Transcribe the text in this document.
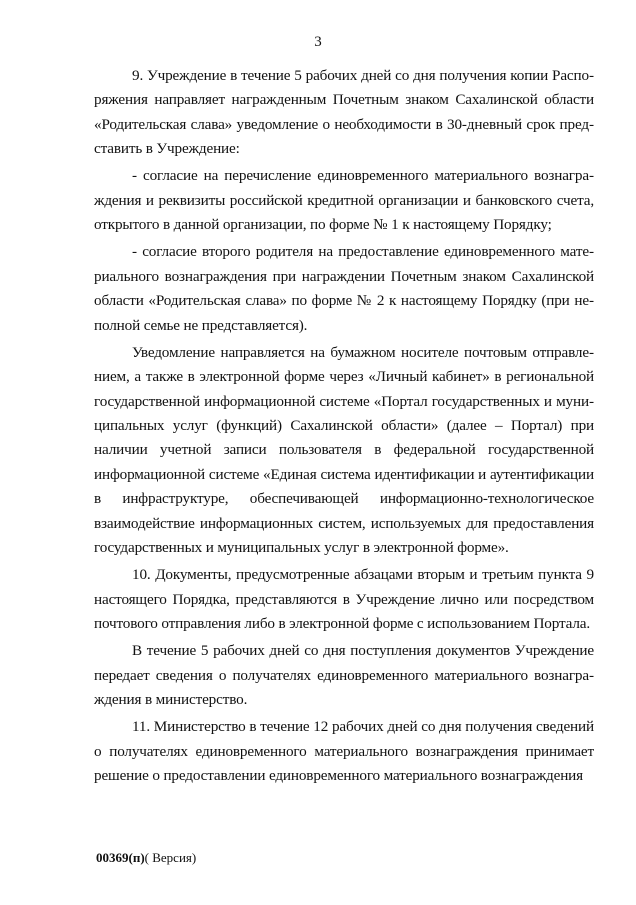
3

9. Учреждение в течение 5 рабочих дней со дня получения копии Распоряжения направляет награжденным Почетным знаком Сахалинской области «Родительская слава» уведомление о необходимости в 30-дневный срок представить в Учреждение:

- согласие на перечисление единовременного материального вознаграждения и реквизиты российской кредитной организации и банковского счета, открытого в данной организации, по форме № 1 к настоящему Порядку;

- согласие второго родителя на предоставление единовременного материального вознаграждения при награждении Почетным знаком Сахалинской области «Родительская слава» по форме № 2 к настоящему Порядку (при неполной семье не представляется).

Уведомление направляется на бумажном носителе почтовым отправлением, а также в электронной форме через «Личный кабинет» в региональной государственной информационной системе «Портал государственных и муниципальных услуг (функций) Сахалинской области» (далее – Портал) при наличии учетной записи пользователя в федеральной государственной информационной системе «Единая система идентификации и аутентификации в инфраструктуре, обеспечивающей информационно-технологическое взаимодействие информационных систем, используемых для предоставления государственных и муниципальных услуг в электронной форме».

10. Документы, предусмотренные абзацами вторым и третьим пункта 9 настоящего Порядка, представляются в Учреждение лично или посредством почтового отправления либо в электронной форме с использованием Портала.

В течение 5 рабочих дней со дня поступления документов Учреждение передает сведения о получателях единовременного материального вознаграждения в министерство.

11. Министерство в течение 12 рабочих дней со дня получения сведений о получателях единовременного материального вознаграждения принимает решение о предоставлении единовременного материального вознаграждения

00369(п)( Версия)
